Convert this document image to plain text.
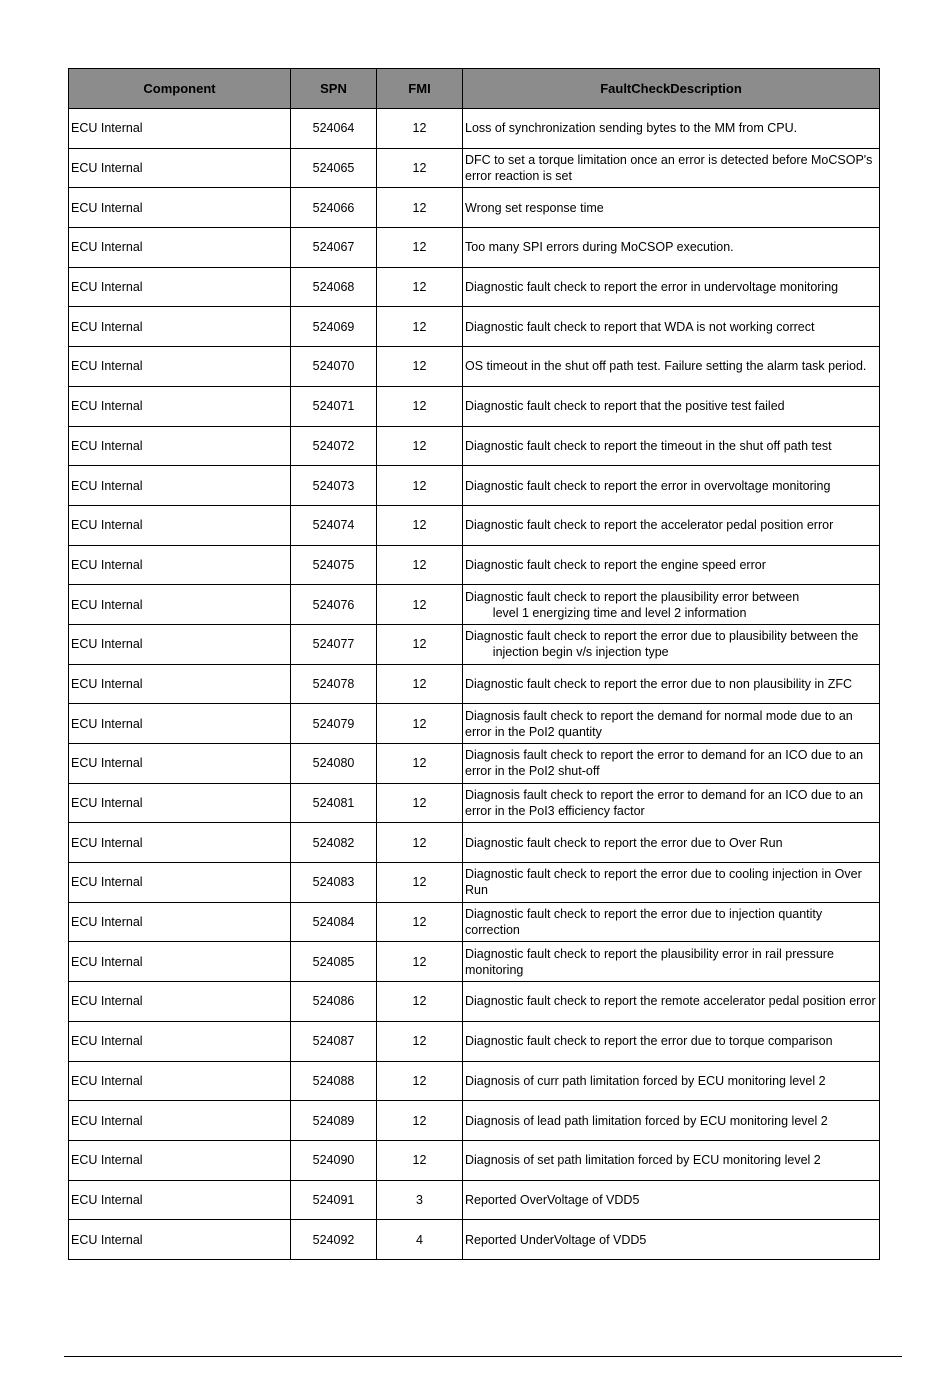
Component	SPN	FMI	FaultCheckDescription
ECU Internal	524064	12	Loss of synchronization sending bytes to the MM from CPU.
ECU Internal	524065	12	DFC to set a torque limitation once an error is detected before MoCSOP's error reaction is set
ECU Internal	524066	12	Wrong set response time
ECU Internal	524067	12	Too many SPI errors during MoCSOP execution.
ECU Internal	524068	12	Diagnostic fault check to report the error in undervoltage monitoring
ECU Internal	524069	12	Diagnostic fault check to report that WDA is not working correct
ECU Internal	524070	12	OS timeout in the shut off path test. Failure setting the alarm task period.
ECU Internal	524071	12	Diagnostic fault check to report that the positive test failed
ECU Internal	524072	12	Diagnostic fault check to report the timeout in the shut off path test
ECU Internal	524073	12	Diagnostic fault check to report the error in overvoltage monitoring
ECU Internal	524074	12	Diagnostic fault check to report the accelerator pedal position error
ECU Internal	524075	12	Diagnostic fault check to report the engine speed error
ECU Internal	524076	12	Diagnostic fault check to report the plausibility error between
level 1 energizing time and level 2 information
ECU Internal	524077	12	Diagnostic fault check to report the error due to plausibility between the
injection begin v/s injection type
ECU Internal	524078	12	Diagnostic fault check to report the error due to non plausibility in ZFC
ECU Internal	524079	12	Diagnosis fault check to report the demand for normal mode due to an error in the PoI2 quantity
ECU Internal	524080	12	Diagnosis fault check to report the error to demand for an ICO due to an error in the PoI2 shut-off
ECU Internal	524081	12	Diagnosis fault check to report the error to demand for an ICO due to an error in the PoI3 efficiency factor
ECU Internal	524082	12	Diagnostic fault check to report the error due to Over Run
ECU Internal	524083	12	Diagnostic fault check to report the error due to cooling injection in Over Run
ECU Internal	524084	12	Diagnostic fault check to report the error due to injection quantity correction
ECU Internal	524085	12	Diagnostic fault check to report the plausibility error in rail pressure monitoring
ECU Internal	524086	12	Diagnostic fault check to report the remote accelerator pedal position error
ECU Internal	524087	12	Diagnostic fault check to report the error due to torque comparison
ECU Internal	524088	12	Diagnosis of curr path limitation forced by ECU monitoring level 2
ECU Internal	524089	12	Diagnosis of lead path limitation forced by ECU monitoring level 2
ECU Internal	524090	12	Diagnosis of set path limitation forced by ECU monitoring level 2
ECU Internal	524091	3	Reported OverVoltage of VDD5
ECU Internal	524092	4	Reported UnderVoltage of VDD5
